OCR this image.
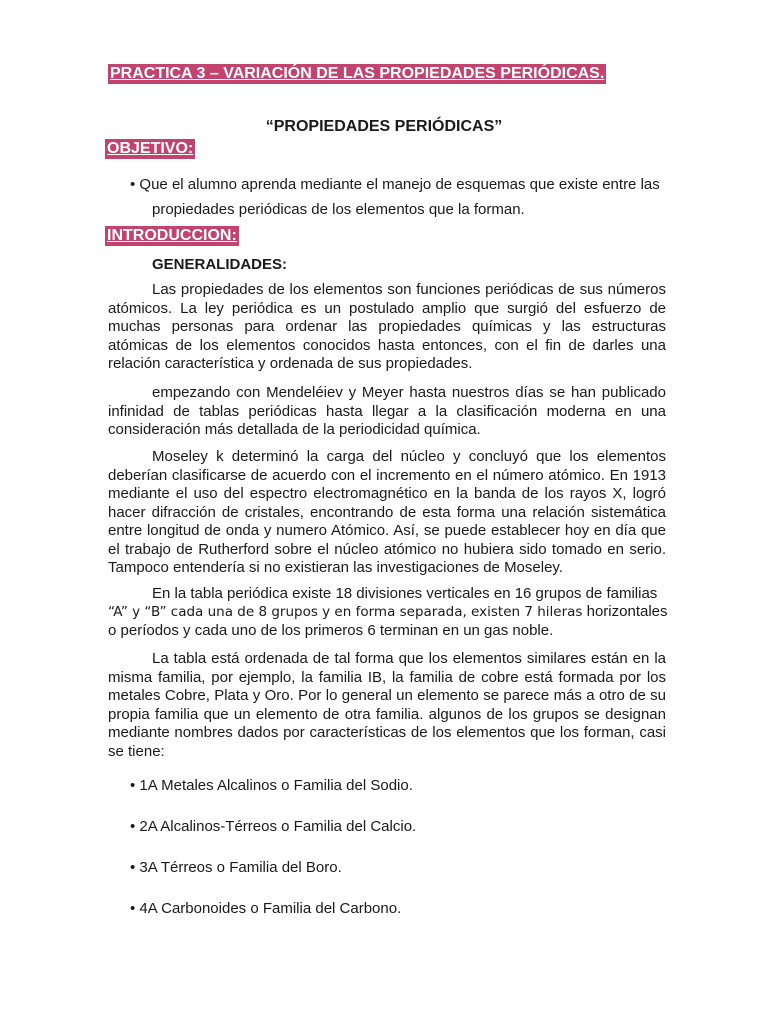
PRACTICA 3 – VARIACIÓN DE LAS PROPIEDADES PERIÓDICAS.
“PROPIEDADES PERIÓDICAS”
OBJETIVO:
• Que el alumno aprenda mediante el manejo de esquemas que existe entre las
propiedades periódicas de los elementos que la forman.
INTRODUCCION:
GENERALIDADES:
Las propiedades de los elementos son funciones periódicas de sus números atómicos. La ley periódica es un postulado amplio que surgió del esfuerzo de muchas personas para ordenar las propiedades químicas y las estructuras atómicas de los elementos conocidos hasta entonces, con el fin de darles una relación característica y ordenada de sus propiedades.
empezando con Mendeléiev y Meyer hasta nuestros días se han publicado infinidad de tablas periódicas hasta llegar a la clasificación moderna en una consideración más detallada de la periodicidad química.
Moseley k determinó la carga del núcleo y concluyó que los elementos deberían clasificarse de acuerdo con el incremento en el número atómico. En 1913 mediante el uso del espectro electromagnético en la banda de los rayos X, logró hacer difracción de cristales, encontrando de esta forma una relación sistemática entre longitud de onda y numero Atómico. Así, se puede establecer hoy en día que el trabajo de Rutherford sobre el núcleo atómico no hubiera sido tomado en serio. Tampoco entendería si no existieran las investigaciones de Moseley.
En la tabla periódica existe 18 divisiones verticales en 16 grupos de familias
“A” y “B” cada una de 8 grupos y en forma separada, existen 7 hileras horizontales
o períodos y cada uno de los primeros 6 terminan en un gas noble.
La tabla está ordenada de tal forma que los elementos similares están en la misma familia, por ejemplo, la familia IB, la familia de cobre está formada por los metales Cobre, Plata y Oro. Por lo general un elemento se parece más a otro de su propia familia que un elemento de otra familia. algunos de los grupos se designan mediante nombres dados por características de los elementos que los forman, casi se tiene:
• 1A Metales Alcalinos o Familia del Sodio.
• 2A Alcalinos-Térreos o Familia del Calcio.
• 3A Térreos o Familia del Boro.
• 4A Carbonoides o Familia del Carbono.
